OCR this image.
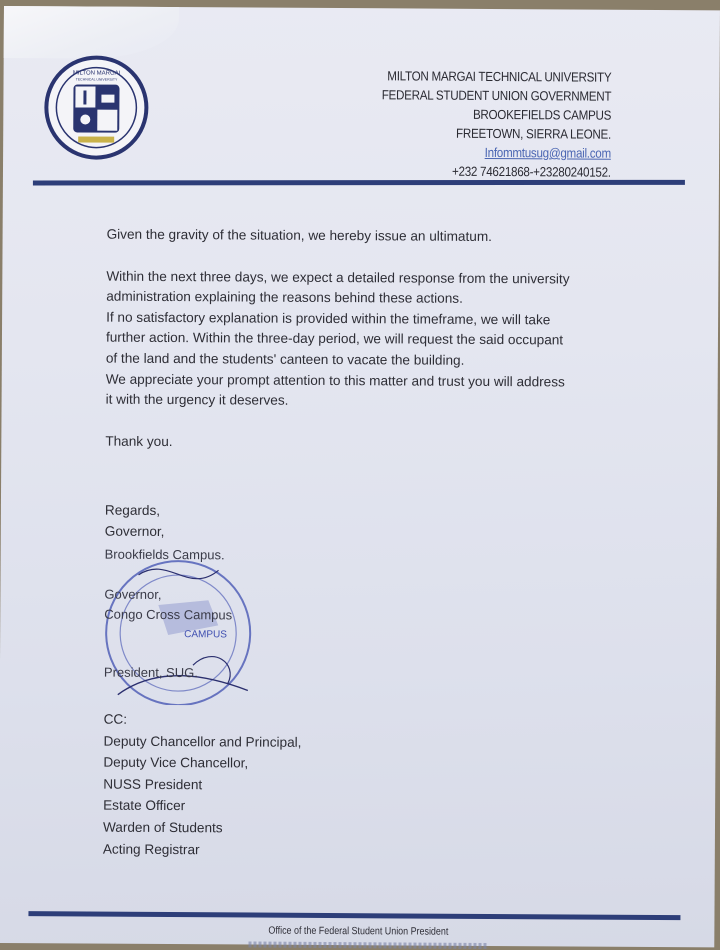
MILTON MARGAI
TECHNICAL UNIVERSITY	MILTON MARGAI TECHNICAL UNIVERSITY
FEDERAL STUDENT UNION GOVERNMENT
BROOKEFIELDS CAMPUS
FREETOWN, SIERRA LEONE.
Infommtusug@gmail.com
+232 74621868-+23280240152.

Given the gravity of the situation, we hereby issue an ultimatum.

Within the next three days, we expect a detailed response from the university

administration explaining the reasons behind these actions.

If no satisfactory explanation is provided within the timeframe, we will take

further action. Within the three-day period, we will request the said occupant

of the land and the students' canteen to vacate the building.

We appreciate your prompt attention to this matter and trust you will address

it with the urgency it deserves.

Thank you.

Regards,
Governor,
Brookfields Campus.
Governor,
Congo Cross Campus
CAMPUS
President, SUG.
CC:
Deputy Chancellor and Principal,
Deputy Vice Chancellor,
NUSS President
Estate Officer
Warden of Students
Acting Registrar
Office of the Federal Student Union President
